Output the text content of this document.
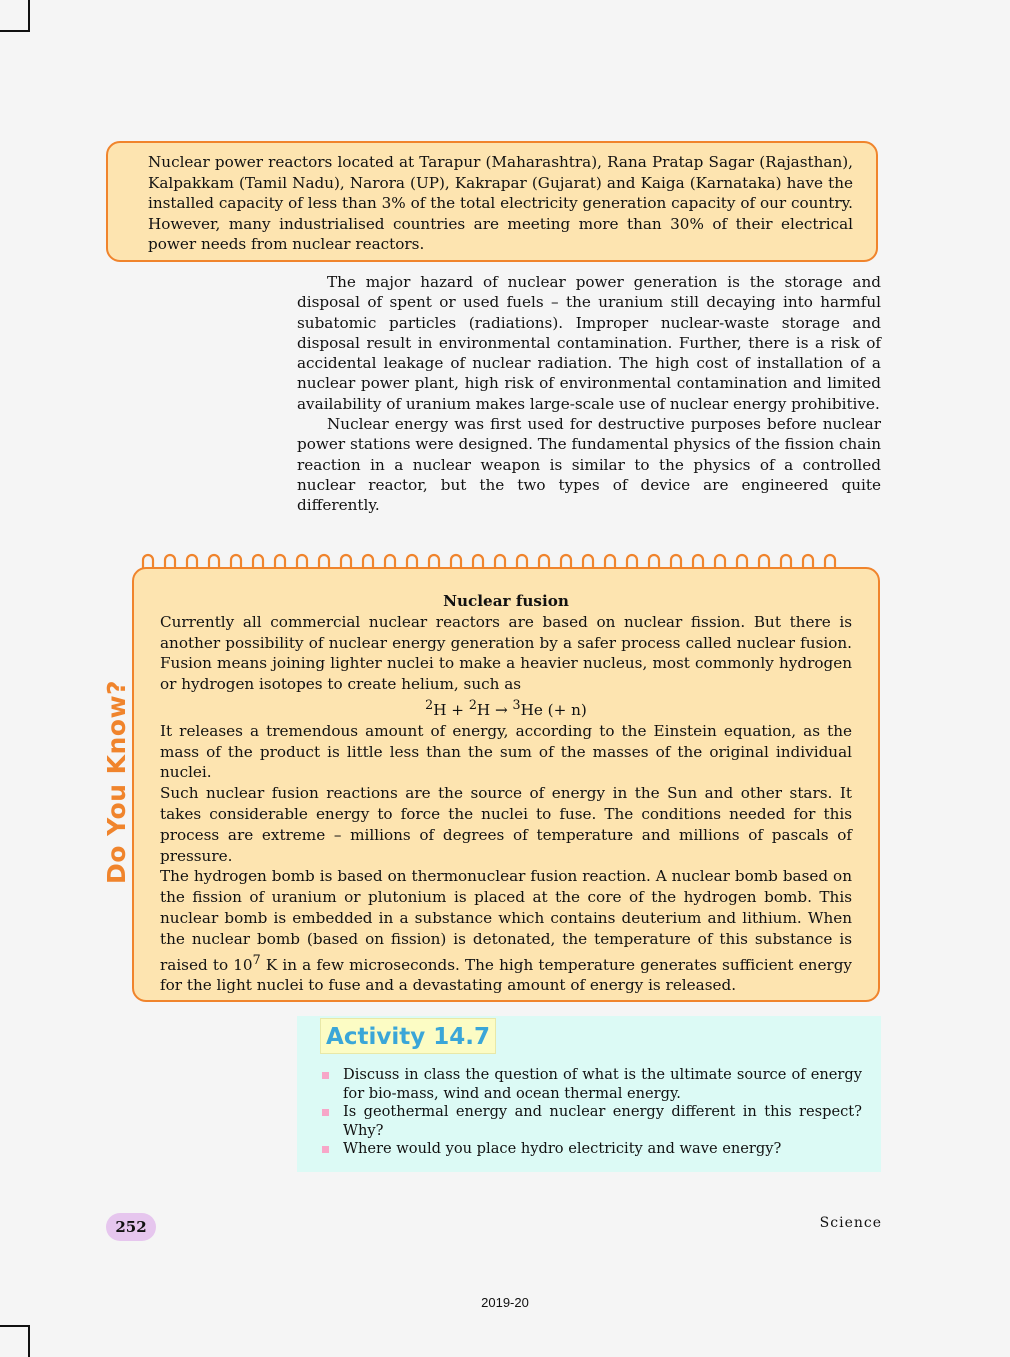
Nuclear power reactors located at Tarapur (Maharashtra), Rana Pratap Sagar (Rajasthan), Kalpakkam (Tamil Nadu), Narora (UP), Kakrapar (Gujarat) and Kaiga (Karnataka) have the installed capacity of less than 3% of the total electricity generation capacity of our country. However, many industrialised countries are meeting more than 30% of their electrical power needs from nuclear reactors.

The major hazard of nuclear power generation is the storage and disposal of spent or used fuels – the uranium still decaying into harmful subatomic particles (radiations). Improper nuclear-waste storage and disposal result in environmental contamination. Further, there is a risk of accidental leakage of nuclear radiation. The high cost of installation of a nuclear power plant, high risk of environmental contamination and limited availability of uranium makes large-scale use of nuclear energy prohibitive.

Nuclear energy was first used for destructive purposes before nuclear power stations were designed. The fundamental physics of the fission chain reaction in a nuclear weapon is similar to the physics of a controlled nuclear reactor, but the two types of device are engineered quite differently.

Do You Know?

Nuclear fusion

Currently all commercial nuclear reactors are based on nuclear fission. But there is another possibility of nuclear energy generation by a safer process called nuclear fusion. Fusion means joining lighter nuclei to make a heavier nucleus, most commonly hydrogen or hydrogen isotopes to create helium, such as

$^2$H + $^2$H → $^3$He (+ n)

It releases a tremendous amount of energy, according to the Einstein equation, as the mass of the product is little less than the sum of the masses of the original individual nuclei.

Such nuclear fusion reactions are the source of energy in the Sun and other stars. It takes considerable energy to force the nuclei to fuse. The conditions needed for this process are extreme – millions of degrees of temperature and millions of pascals of pressure.

The hydrogen bomb is based on thermonuclear fusion reaction. A nuclear bomb based on the fission of uranium or plutonium is placed at the core of the hydrogen bomb. This nuclear bomb is embedded in a substance which contains deuterium and lithium. When the nuclear bomb (based on fission) is detonated, the temperature of this substance is raised to $10^7$ K in a few microseconds. The high temperature generates sufficient energy for the light nuclei to fuse and a devastating amount of energy is released.

Activity 14.7
Discuss in class the question of what is the ultimate source of energy for bio-mass, wind and ocean thermal energy.
Is geothermal energy and nuclear energy different in this respect? Why?
Where would you place hydro electricity and wave energy?
252	Science
2019-20
